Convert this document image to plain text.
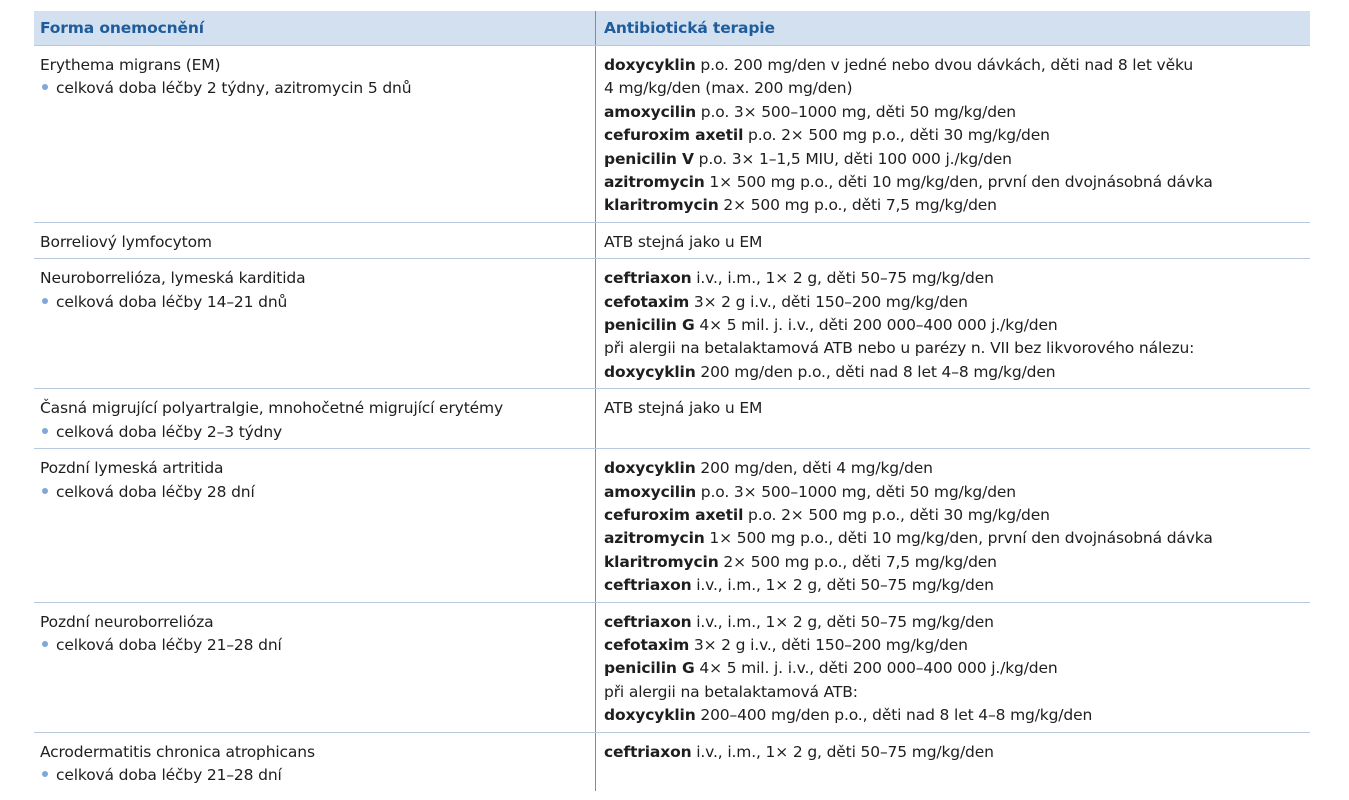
Forma onemocnění	Antibiotická terapie
Erythema migrans (EM)
celková doba léčby 2 týdny, azitromycin 5 dnů
doxycyklin p.o. 200 mg/den v jedné nebo dvou dávkách, děti nad 8 let věku
4 mg/kg/den (max. 200 mg/den)
amoxycilin p.o. 3× 500–1000 mg, děti 50 mg/kg/den
cefuroxim axetil p.o. 2× 500 mg p.o., děti 30 mg/kg/den
penicilin V p.o. 3× 1–1,5 MIU, děti 100 000 j./kg/den
azitromycin 1× 500 mg p.o., děti 10 mg/kg/den, první den dvojnásobná dávka
klaritromycin 2× 500 mg p.o., děti 7,5 mg/kg/den
Borreliový lymfocytom	ATB stejná jako u EM
Neuroborrelióza, lymeská karditida
celková doba léčby 14–21 dnů
ceftriaxon i.v., i.m., 1× 2 g, děti 50–75 mg/kg/den
cefotaxim 3× 2 g i.v., děti 150–200 mg/kg/den
penicilin G 4× 5 mil. j. i.v., děti 200 000–400 000 j./kg/den
při alergii na betalaktamová ATB nebo u parézy n. VII bez likvorového nálezu:
doxycyklin 200 mg/den p.o., děti nad 8 let 4–8 mg/kg/den
Časná migrující polyartralgie, mnohočetné migrující erytémy
celková doba léčby 2–3 týdny
ATB stejná jako u EM
Pozdní lymeská artritida
celková doba léčby 28 dní
doxycyklin 200 mg/den, děti 4 mg/kg/den
amoxycilin p.o. 3× 500–1000 mg, děti 50 mg/kg/den
cefuroxim axetil p.o. 2× 500 mg p.o., děti 30 mg/kg/den
azitromycin 1× 500 mg p.o., děti 10 mg/kg/den, první den dvojnásobná dávka
klaritromycin 2× 500 mg p.o., děti 7,5 mg/kg/den
ceftriaxon i.v., i.m., 1× 2 g, děti 50–75 mg/kg/den
Pozdní neuroborrelióza
celková doba léčby 21–28 dní
ceftriaxon i.v., i.m., 1× 2 g, děti 50–75 mg/kg/den
cefotaxim 3× 2 g i.v., děti 150–200 mg/kg/den
penicilin G 4× 5 mil. j. i.v., děti 200 000–400 000 j./kg/den
při alergii na betalaktamová ATB:
doxycyklin 200–400 mg/den p.o., děti nad 8 let 4–8 mg/kg/den
Acrodermatitis chronica atrophicans
celková doba léčby 21–28 dní
ceftriaxon i.v., i.m., 1× 2 g, děti 50–75 mg/kg/den
